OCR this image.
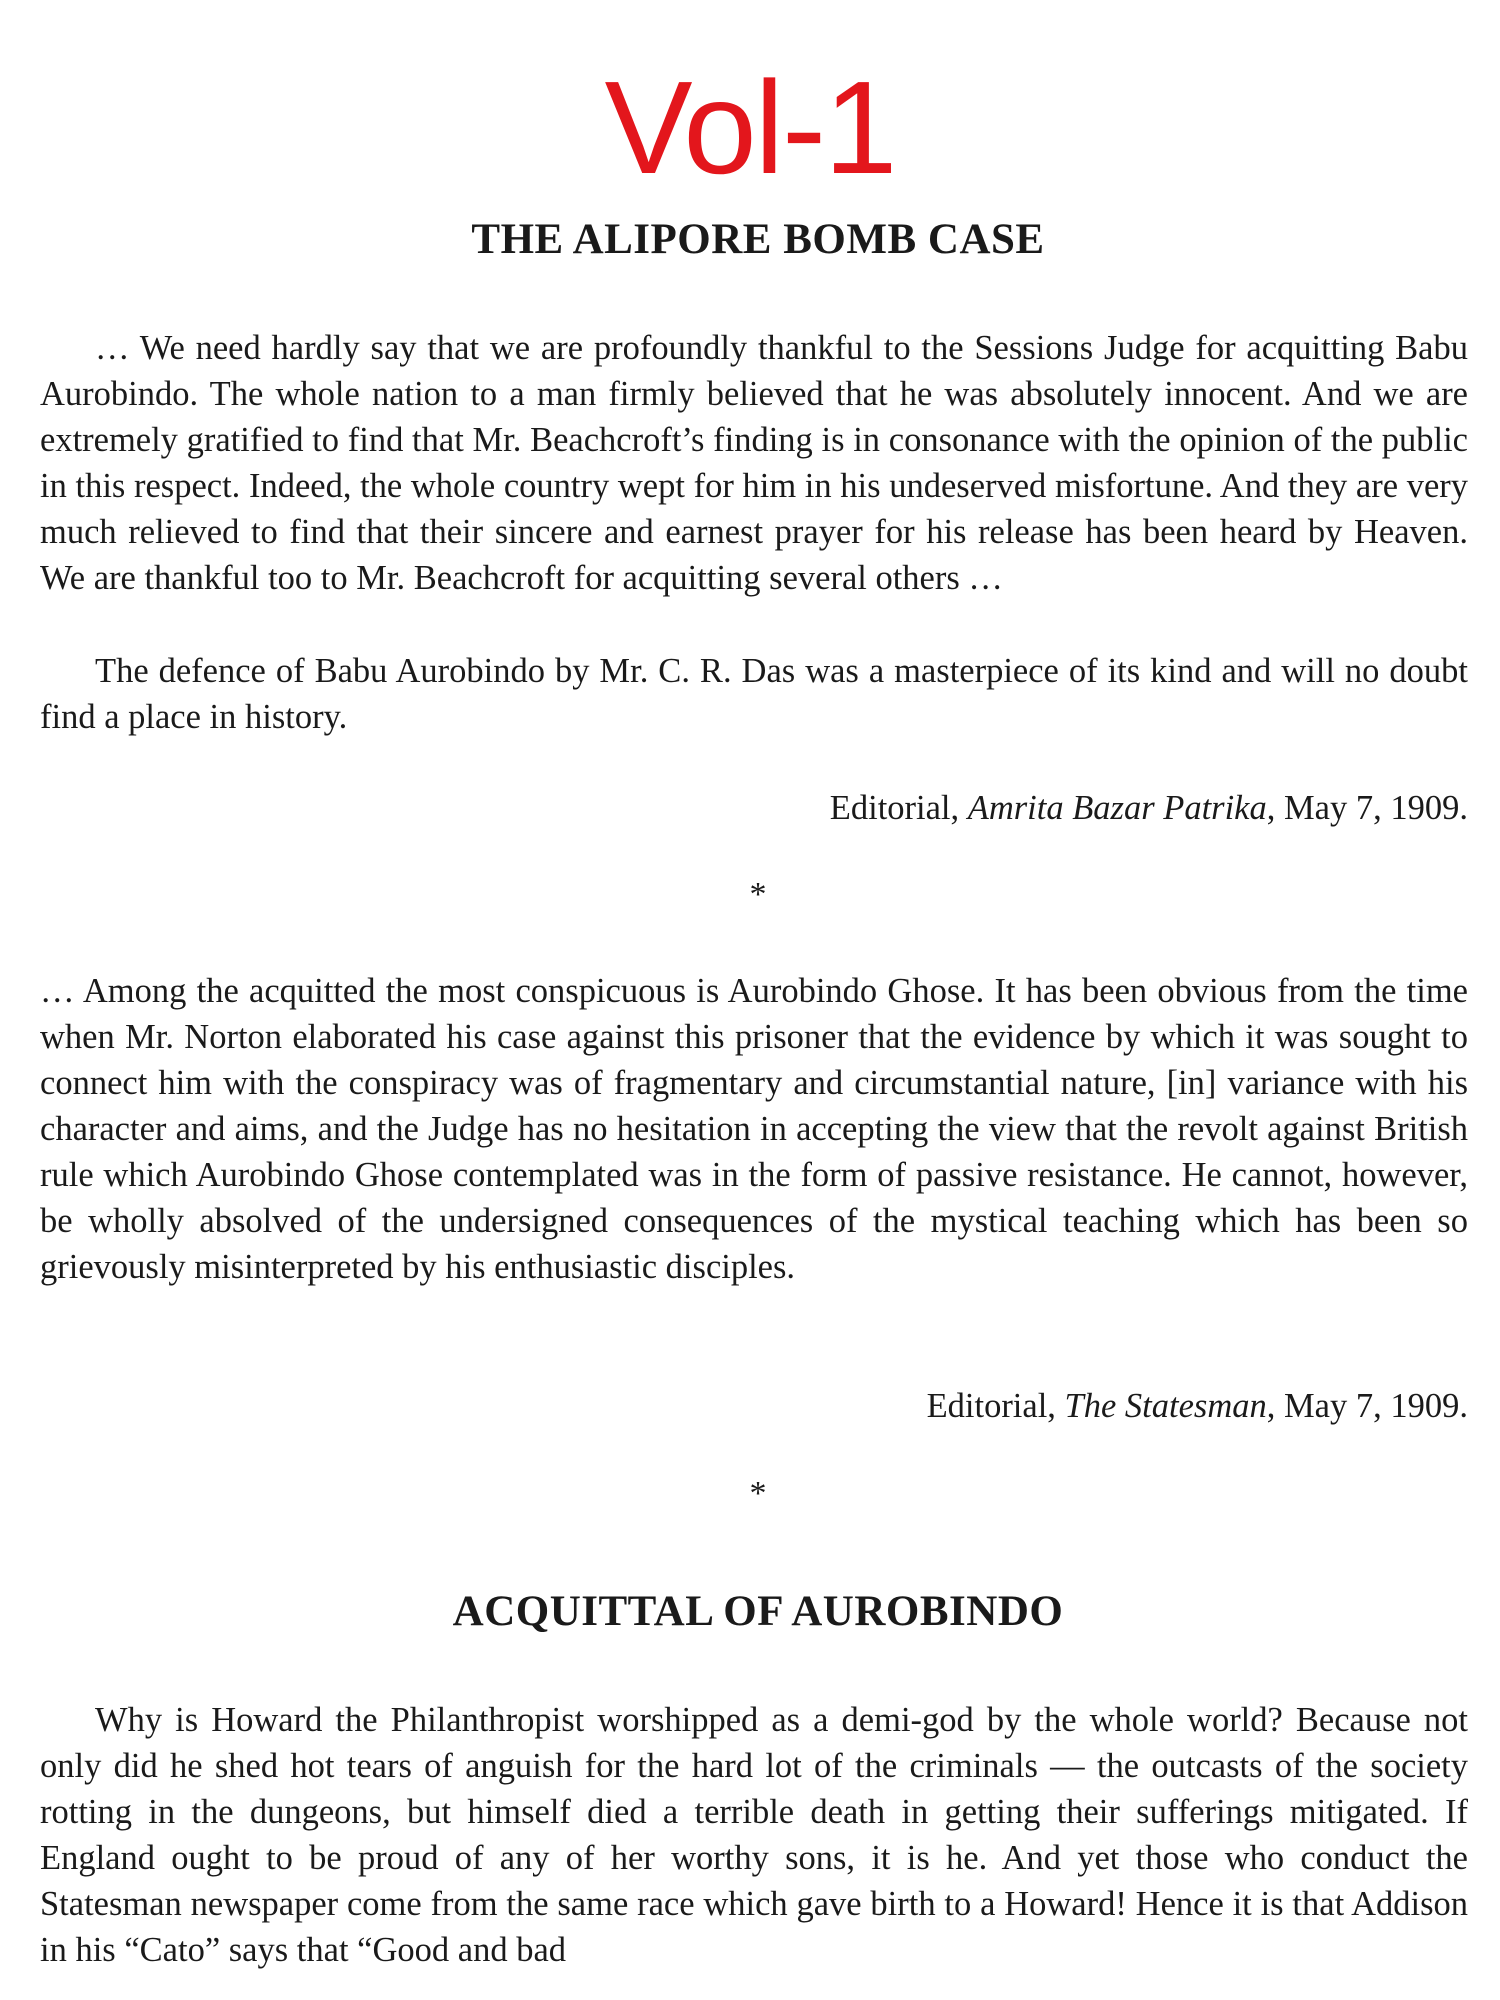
Vol-1
THE ALIPORE BOMB CASE

… We need hardly say that we are profoundly thankful to the Sessions Judge for acquitting Babu Aurobindo. The whole nation to a man firmly believed that he was absolutely innocent. And we are extremely gratified to find that Mr. Beachcroft’s finding is in consonance with the opinion of the public in this respect. Indeed, the whole country wept for him in his undeserved misfortune. And they are very much relieved to find that their sincere and earnest prayer for his release has been heard by Heaven. We are thankful too to Mr. Beachcroft for acquitting several others …

The defence of Babu Aurobindo by Mr. C. R. Das was a masterpiece of its kind and will no doubt find a place in history.

Editorial, Amrita Bazar Patrika, May 7, 1909.

*

… Among the acquitted the most conspicuous is Aurobindo Ghose. It has been obvious from the time when Mr. Norton elaborated his case against this prisoner that the evidence by which it was sought to connect him with the conspiracy was of fragmentary and circumstantial nature, [in] variance with his character and aims, and the Judge has no hesitation in accepting the view that the revolt against British rule which Aurobindo Ghose contemplated was in the form of passive resistance. He cannot, however, be wholly absolved of the undersigned consequences of the mystical teaching which has been so grievously misinterpreted by his enthusiastic disciples.

Editorial, The Statesman, May 7, 1909.

*

ACQUITTAL OF AUROBINDO

Why is Howard the Philanthropist worshipped as a demi-god by the whole world? Because not only did he shed hot tears of anguish for the hard lot of the criminals — the outcasts of the society rotting in the dungeons, but himself died a terrible death in getting their sufferings mitigated. If England ought to be proud of any of her worthy sons, it is he. And yet those who conduct the Statesman newspaper come from the same race which gave birth to a Howard! Hence it is that Addison in his “Cato” says that “Good and bad
